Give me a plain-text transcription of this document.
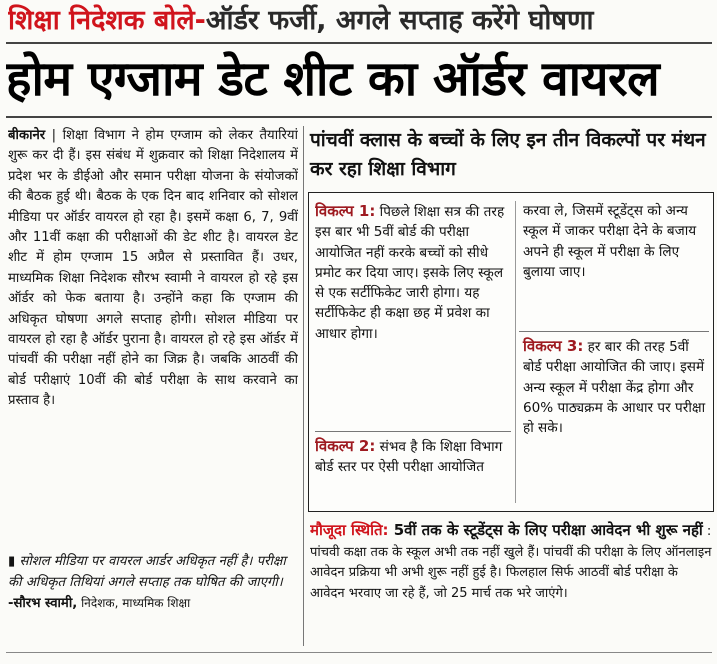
शिक्षा निदेशक बोले-ऑर्डर फर्जी, अगले सप्ताह करेंगे घोषणा
होम एग्जाम डेट शीट का ऑर्डर वायरल
बीकानेर | शिक्षा विभाग ने होम एग्जाम को लेकर तैयारियां शुरू कर दी हैं। इस संबंध में शुक्रवार को शिक्षा निदेशालय में प्रदेश भर के डीईओ और समान परीक्षा योजना के संयोजकों की बैठक हुई थी। बैठक के एक दिन बाद शनिवार को सोशल मीडिया पर ऑर्डर वायरल हो रहा है। इसमें कक्षा 6, 7, 9वीं और 11वीं कक्षा की परीक्षाओं की डेट शीट है। वायरल डेट शीट में होम एग्जाम 15 अप्रैल से प्रस्तावित हैं। उधर, माध्यमिक शिक्षा निदेशक सौरभ स्वामी ने वायरल हो रहे इस ऑर्डर को फेक बताया है। उन्होंने कहा कि एग्जाम की अधिकृत घोषणा अगले सप्ताह होगी। सोशल मीडिया पर वायरल हो रहा है ऑर्डर पुराना है। वायरल हो रहे इस ऑर्डर में पांचवीं की परीक्षा नहीं होने का जिक्र है। जबकि आठवीं की बोर्ड परीक्षाएं 10वीं की बोर्ड परीक्षा के साथ करवाने का प्रस्ताव है।
▮ सोशल मीडिया पर वायरल आर्डर अधिकृत नहीं है। परीक्षा की अधिकृत तिथियां अगले सप्ताह तक घोषित की जाएगी।
-सौरभ स्वामी, निदेशक, माध्यमिक शिक्षा
पांचवीं क्लास के बच्चों के लिए इन तीन विकल्पों पर मंथन कर रहा शिक्षा विभाग
विकल्प 1: पिछले शिक्षा सत्र की तरह इस बार भी 5वीं बोर्ड की परीक्षा आयोजित नहीं करके बच्चों को सीधे प्रमोट कर दिया जाए। इसके लिए स्कूल से एक सर्टीफिकेट जारी होगा। यह सर्टीफिकेट ही कक्षा छह में प्रवेश का आधार होगा।
विकल्प 2: संभव है कि शिक्षा विभाग बोर्ड स्तर पर ऐसी परीक्षा आयोजित
करवा ले, जिसमें स्टूडेंट्स को अन्य स्कूल में जाकर परीक्षा देने के बजाय अपने ही स्कूल में परीक्षा के लिए बुलाया जाए।
विकल्प 3: हर बार की तरह 5वीं बोर्ड परीक्षा आयोजित की जाए। इसमें अन्य स्कूल में परीक्षा केंद्र होगा और 60% पाठ्यक्रम के आधार पर परीक्षा हो सके।
मौजूदा स्थिति: 5वीं तक के स्टूडेंट्स के लिए परीक्षा आवेदन भी शुरू नहीं : पांचवी कक्षा तक के स्कूल अभी तक नहीं खुले हैं। पांचवीं की परीक्षा के लिए ऑनलाइन आवेदन प्रक्रिया भी अभी शुरू नहीं हुई है। फिलहाल सिर्फ आठवीं बोर्ड परीक्षा के आवेदन भरवाए जा रहे हैं, जो 25 मार्च तक भरे जाएंगे।
